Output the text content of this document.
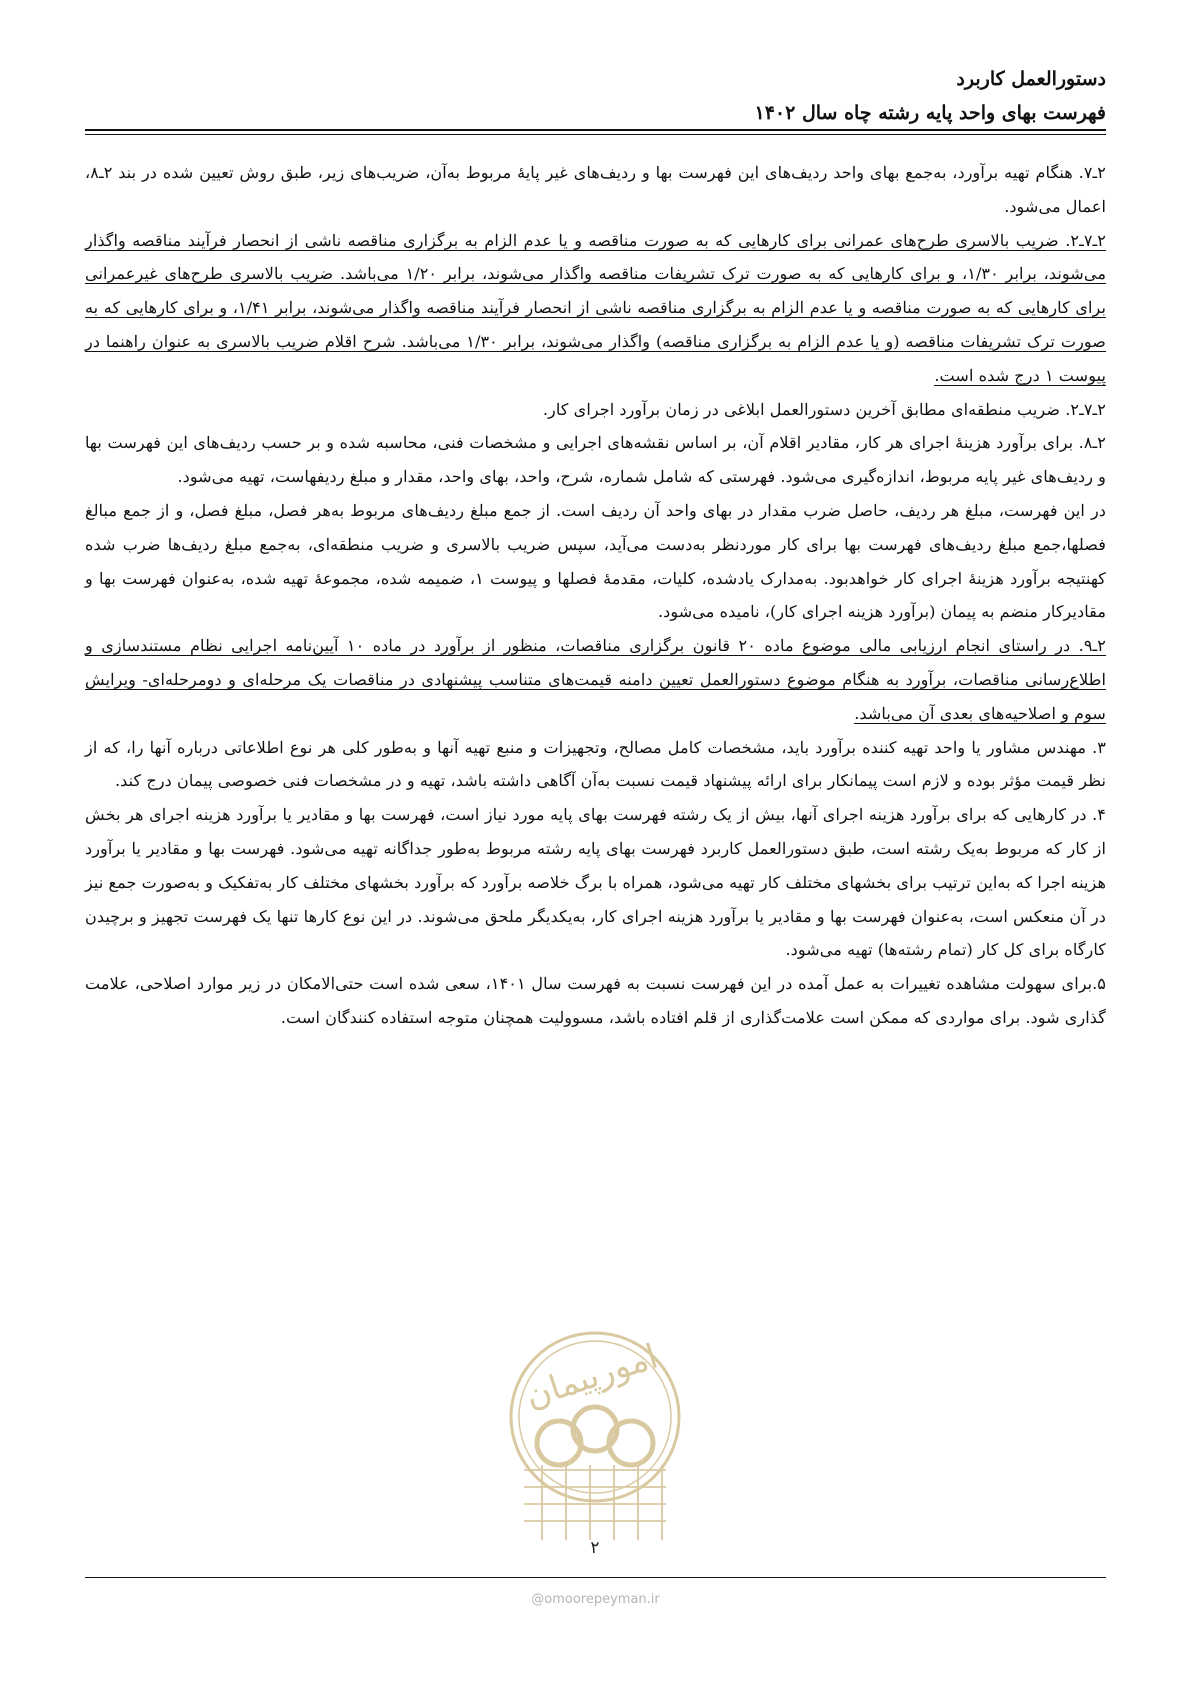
دستورالعمل کاربرد
فهرست بهای واحد پایه رشته چاه سال ۱۴۰۲

۲ـ۷. هنگام تهیه برآورد، به‌جمع بهای واحد ردیف‌های این فهرست بها و ردیف‌های غیر پایهٔ مربوط به‌آن، ضریب‌های زیر، طبق روش تعیین شده در بند ۲ـ۸، اعمال می‌شود.

۲ـ۷ـ۲. ضریب بالاسری طرح‌های عمرانی برای کارهایی که به صورت مناقصه و یا عدم الزام به برگزاری مناقصه ناشی از انحصار فرآیند مناقصه واگذار می‌شوند، برابر ۱/۳۰، و برای کارهایی که به صورت ترک تشریفات مناقصه واگذار می‌شوند، برابر ۱/۲۰ می‌باشد. ضریب بالاسری طرح‌های غیرعمرانی برای کارهایی که به صورت مناقصه و یا عدم الزام به برگزاری مناقصه ناشی از انحصار فرآیند مناقصه واگذار می‌شوند، برابر ۱/۴۱، و برای کارهایی که به صورت ترک تشریفات مناقصه (و یا عدم الزام به برگزاری مناقصه) واگذار می‌شوند، برابر ۱/۳۰ می‌باشد. شرح اقلام ضریب بالاسری به عنوان راهنما در پیوست ۱ درج شده است.

۲ـ۷ـ۲. ضریب منطقه‌ای مطابق آخرین دستورالعمل ابلاغی در زمان برآورد اجرای کار.

۲ـ۸. برای برآورد هزینهٔ اجرای هر کار، مقادیر اقلام آن، بر اساس نقشه‌های اجرایی و مشخصات فنی، محاسبه شده و بر حسب ردیف‌های این فهرست بها و ردیف‌های غیر پایه مربوط، اندازه‌گیری می‌شود. فهرستی که شامل شماره، شرح، واحد، بهای واحد، مقدار و مبلغ ردیفهاست، تهیه می‌شود.

در این فهرست، مبلغ هر ردیف، حاصل ضرب مقدار در بهای واحد آن ردیف است. از جمع مبلغ ردیف‌های مربوط به‌هر فصل، مبلغ فصل، و از جمع مبالغ فصلها،جمع مبلغ ردیف‌های فهرست بها برای کار موردنظر به‌دست می‌آید، سپس ضریب بالاسری و ضریب منطقه‌ای، به‌جمع مبلغ ردیف‌ها ضرب شده کهنتیجه برآورد هزینهٔ اجرای کار خواهدبود. به‌مدارک یادشده، کلیات، مقدمهٔ فصلها و پیوست ۱، ضمیمه شده، مجموعهٔ تهیه شده، به‌عنوان فهرست بها و مقادیرکار منضم به پیمان (برآورد هزینه اجرای کار)، نامیده می‌شود.

۲ـ۹. در راستای انجام ارزیابی مالی موضوع ماده ۲۰ قانون برگزاری مناقصات، منظور از برآورد در ماده ۱۰ آیین‌نامه اجرایی نظام مستندسازی و اطلاع‌رسانی مناقصات، برآورد به هنگام موضوع دستورالعمل تعیین دامنه قیمت‌های متناسب پیشنهادی در مناقصات یک مرحله‌ای و دومرحله‌ای- ویرایش سوم و اصلاحیه‌های بعدی آن می‌باشد.

۳. مهندس مشاور یا واحد تهیه کننده برآورد باید، مشخصات کامل مصالح، وتجهیزات و منبع تهیه آنها و به‌طور کلی هر نوع اطلاعاتی درباره آنها را، که از نظر قیمت مؤثر بوده و لازم است پیمانکار برای ارائه پیشنهاد قیمت نسبت به‌آن آگاهی داشته باشد، تهیه و در مشخصات فنی خصوصی پیمان درج کند.

۴. در کارهایی که برای برآورد هزینه اجرای آنها، بیش از یک رشته فهرست بهای پایه مورد نیاز است، فهرست بها و مقادیر یا برآورد هزینه اجرای هر بخش از کار که مربوط به‌یک رشته است، طبق دستورالعمل کاربرد فهرست بهای پایه رشته مربوط به‌طور جداگانه تهیه می‌شود. فهرست بها و مقادیر یا برآورد هزینه اجرا که به‌این ترتیب برای بخشهای مختلف کار تهیه می‌شود، همراه با برگ خلاصه برآورد که برآورد بخشهای مختلف کار به‌تفکیک و به‌صورت جمع نیز در آن منعکس است، به‌عنوان فهرست بها و مقادیر یا برآورد هزینه اجرای کار، به‌یکدیگر ملحق می‌شوند. در این نوع کارها تنها یک فهرست تجهیز و برچیدن کارگاه برای کل کار (تمام رشته‌ها) تهیه می‌شود.

۵.برای سهولت مشاهده تغییرات به عمل آمده در این فهرست نسبت به فهرست سال ۱۴۰۱، سعی شده است حتی‌الامکان در زیر موارد اصلاحی، علامت گذاری شود. برای مواردی که ممکن است علامت‌گذاری از قلم افتاده باشد، مسوولیت همچنان متوجه استفاده کنندگان است.

امورپیمان
۲
@omoorepeyman.ir
